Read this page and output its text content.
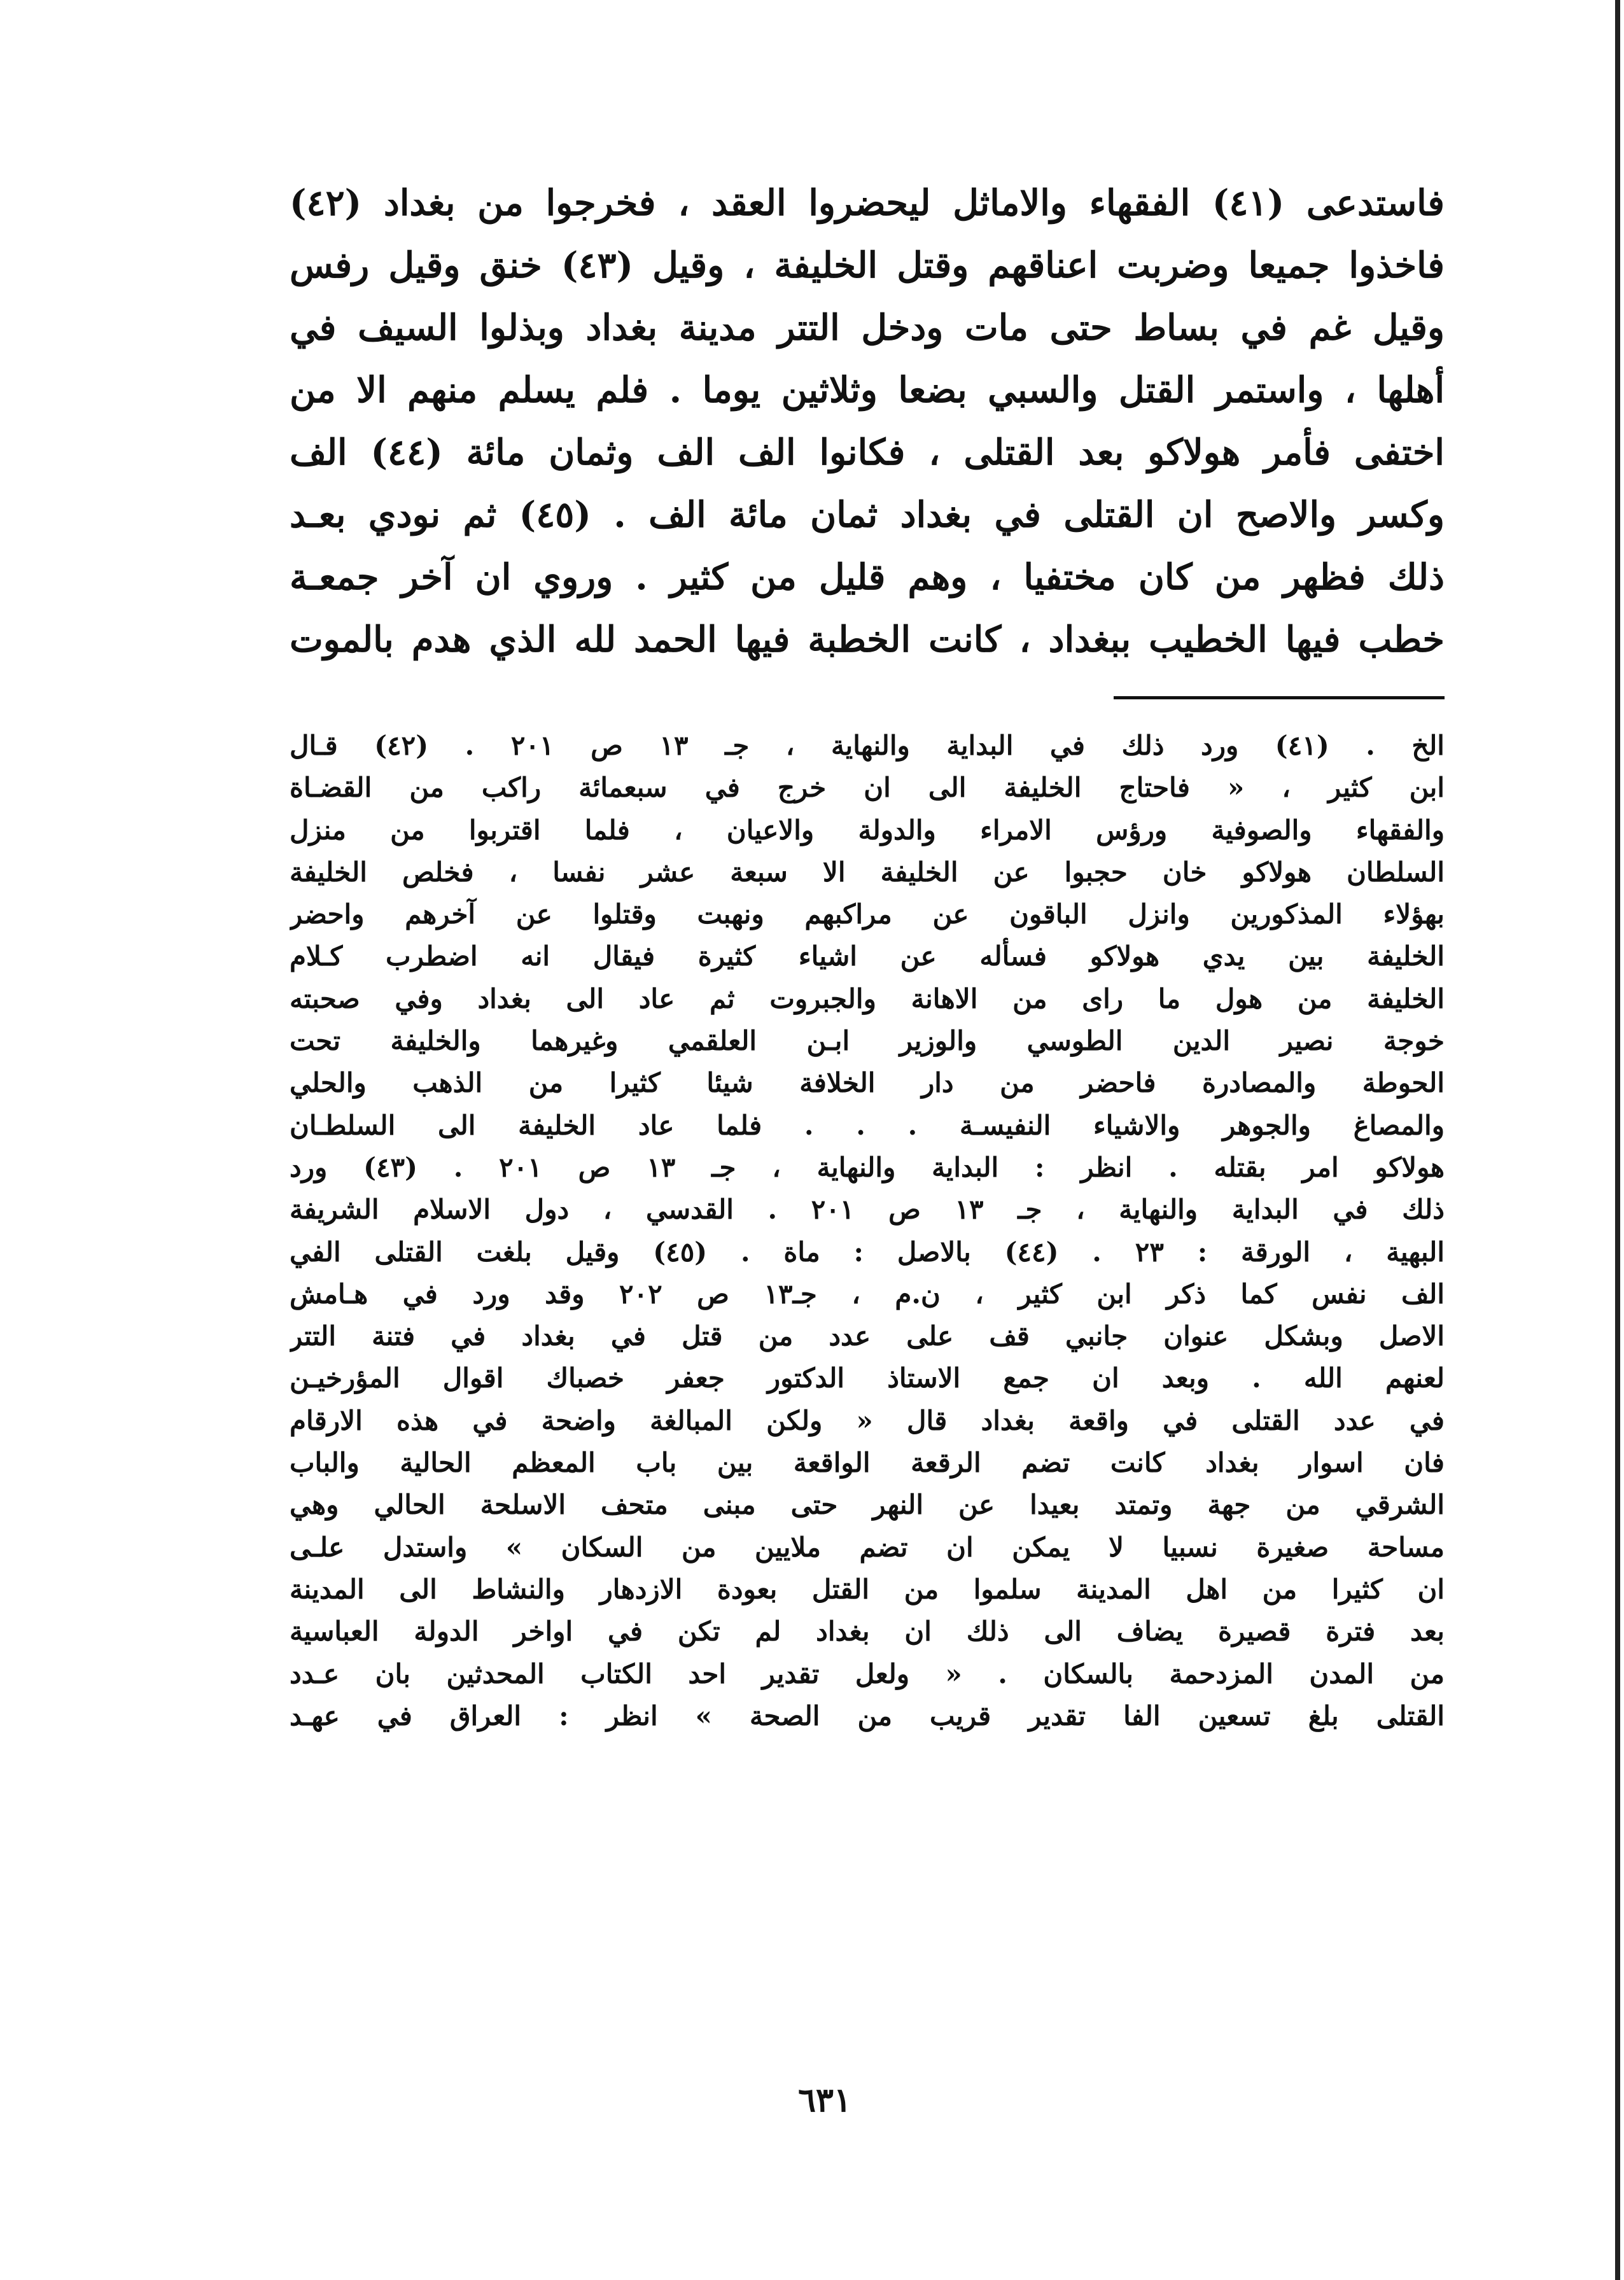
فاستدعى (٤١) الفقهاء والاماثل ليحضروا العقد ، فخرجوا من بغداد (٤٢)
فاخذوا جميعا وضربت اعناقهم وقتل الخليفة ، وقيل (٤٣) خنق وقيل رفس
وقيل غم في بساط حتى مات ودخل التتر مدينة بغداد وبذلوا السيف في
أهلها ، واستمر القتل والسبي بضعا وثلاثين يوما . فلم يسلم منهم الا من
اختفى فأمر هولاكو بعد القتلى ، فكانوا الف الف وثمان مائة (٤٤) الف
وكسر والاصح ان القتلى في بغداد ثمان مائة الف . (٤٥) ثم نودي بعـد
ذلك فظهر من كان مختفيا ، وهم قليل من كثير . وروي ان آخر جمعـة
خطب فيها الخطيب ببغداد ، كانت الخطبة فيها الحمد لله الذي هدم بالموت
الخ . (٤١) ورد ذلك في البداية والنهاية ، جـ ١٣ ص ٢٠١ . (٤٢) قـال
ابن كثير ، « فاحتاج الخليفة الى ان خرج في سبعمائة راكب من القضـاة
والفقهاء والصوفية ورؤس الامراء والدولة والاعيان ، فلما اقتربوا من منزل
السلطان هولاكو خان حجبوا عن الخليفة الا سبعة عشر نفسا ، فخلص الخليفة
بهؤلاء المذكورين وانزل الباقون عن مراكبهم ونهبت وقتلوا عن آخرهم واحضر
الخليفة بين يدي هولاكو فسأله عن اشياء كثيرة فيقال انه اضطرب كـلام
الخليفة من هول ما راى من الاهانة والجبروت ثم عاد الى بغداد وفي صحبته
خوجة نصير الدين الطوسي والوزير ابـن العلقمي وغيرهما والخليفة تحت
الحوطة والمصادرة فاحضر من دار الخلافة شيئا كثيرا من الذهب والحلي
والمصاغ والجوهر والاشياء النفيسـة . . . فلما عاد الخليفة الى السلطـان
هولاكو امر بقتله . انظر : البداية والنهاية ، جـ ١٣ ص ٢٠١ . (٤٣) ورد
ذلك في البداية والنهاية ، جـ ١٣ ص ٢٠١ . القدسي ، دول الاسلام الشريفة
البهية ، الورقة : ٢٣ . (٤٤) بالاصل : ماة . (٤٥) وقيل بلغت القتلى الفي
الف نفس كما ذكر ابن كثير ، ن.م ، جـ١٣ ص ٢٠٢ وقد ورد في هـامش
الاصل وبشكل عنوان جانبي قف على عدد من قتل في بغداد في فتنة التتر
لعنهم الله . وبعد ان جمع الاستاذ الدكتور جعفر خصباك اقوال المؤرخيـن
في عدد القتلى في واقعة بغداد قال « ولكن المبالغة واضحة في هذه الارقام
فان اسوار بغداد كانت تضم الرقعة الواقعة بين باب المعظم الحالية والباب
الشرقي من جهة وتمتد بعيدا عن النهر حتى مبنى متحف الاسلحة الحالي وهي
مساحة صغيرة نسبيا لا يمكن ان تضم ملايين من السكان » واستدل علـى
ان كثيرا من اهل المدينة سلموا من القتل بعودة الازدهار والنشاط الى المدينة
بعد فترة قصيرة يضاف الى ذلك ان بغداد لم تكن في اواخر الدولة العباسية
من المدن المزدحمة بالسكان . « ولعل تقدير احد الكتاب المحدثين بان عـدد
القتلى بلغ تسعين الفا تقدير قريب من الصحة » انظر : العراق في عهـد
٦٣١
